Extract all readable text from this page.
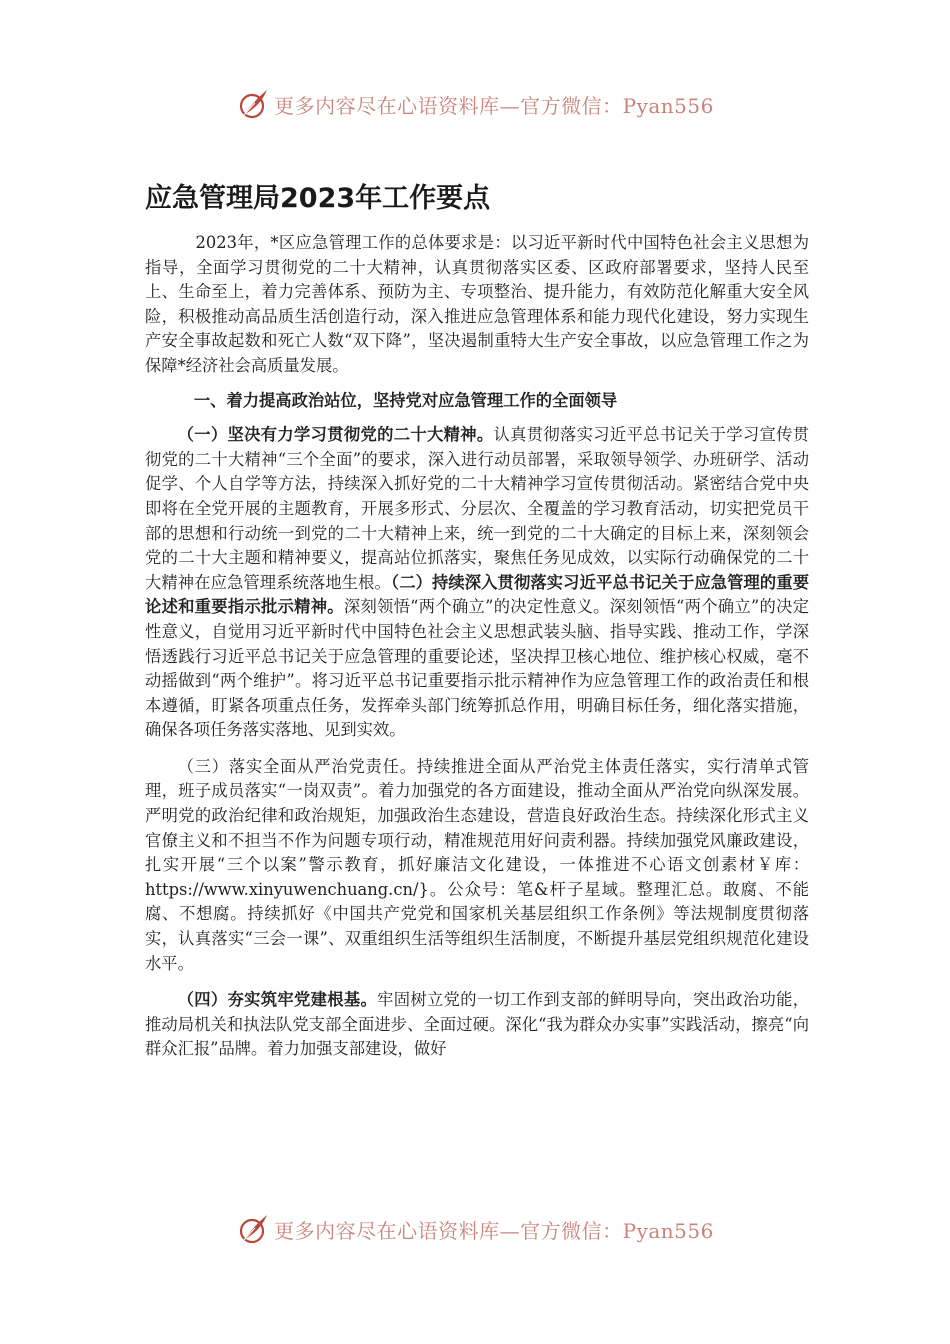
更多内容尽在心语资料库—官方微信：Pyan556
应急管理局2023年工作要点

2023年，*区应急管理工作的总体要求是：以习近平新时代中国特色社会主义思想为指导，全面学习贯彻党的二十大精神，认真贯彻落实区委、区政府部署要求，坚持人民至上、生命至上，着力完善体系、预防为主、专项整治、提升能力，有效防范化解重大安全风险，积极推动高品质生活创造行动，深入推进应急管理体系和能力现代化建设，努力实现生产安全事故起数和死亡人数“双下降”，坚决遏制重特大生产安全事故，以应急管理工作之为保障*经济社会高质量发展。

一、着力提高政治站位，坚持党对应急管理工作的全面领导

（一）坚决有力学习贯彻党的二十大精神。认真贯彻落实习近平总书记关于学习宣传贯彻党的二十大精神“三个全面”的要求，深入进行动员部署，采取领导领学、办班研学、活动促学、个人自学等方法，持续深入抓好党的二十大精神学习宣传贯彻活动。紧密结合党中央即将在全党开展的主题教育，开展多形式、分层次、全覆盖的学习教育活动，切实把党员干部的思想和行动统一到党的二十大精神上来，统一到党的二十大确定的目标上来，深刻领会党的二十大主题和精神要义，提高站位抓落实，聚焦任务见成效，以实际行动确保党的二十大精神在应急管理系统落地生根。（二）持续深入贯彻落实习近平总书记关于应急管理的重要论述和重要指示批示精神。深刻领悟“两个确立”的决定性意义。深刻领悟“两个确立”的决定性意义，自觉用习近平新时代中国特色社会主义思想武装头脑、指导实践、推动工作，学深悟透践行习近平总书记关于应急管理的重要论述，坚决捍卫核心地位、维护核心权威，毫不动摇做到“两个维护”。将习近平总书记重要指示批示精神作为应急管理工作的政治责任和根本遵循，盯紧各项重点任务，发挥牵头部门统筹抓总作用，明确目标任务，细化落实措施，确保各项任务落实落地、见到实效。

（三）落实全面从严治党责任。持续推进全面从严治党主体责任落实，实行清单式管理，班子成员落实“一岗双责”。着力加强党的各方面建设，推动全面从严治党向纵深发展。严明党的政治纪律和政治规矩，加强政治生态建设，营造良好政治生态。持续深化形式主义官僚主义和不担当不作为问题专项行动，精准规范用好问责利器。持续加强党风廉政建设，扎实开展“三个以案”警示教育，抓好廉洁文化建设，一体推进不心语文创素材￥库：https://www.xinyuwenchuang.cn/}。公众号：笔&杆子星域。整理汇总。敢腐、不能腐、不想腐。持续抓好《中国共产党党和国家机关基层组织工作条例》等法规制度贯彻落实，认真落实“三会一课”、双重组织生活等组织生活制度，不断提升基层党组织规范化建设水平。

（四）夯实筑牢党建根基。牢固树立党的一切工作到支部的鲜明导向，突出政治功能，推动局机关和执法队党支部全面进步、全面过硬。深化“我为群众办实事”实践活动，擦亮“向群众汇报”品牌。着力加强支部建设，做好

更多内容尽在心语资料库—官方微信：Pyan556
